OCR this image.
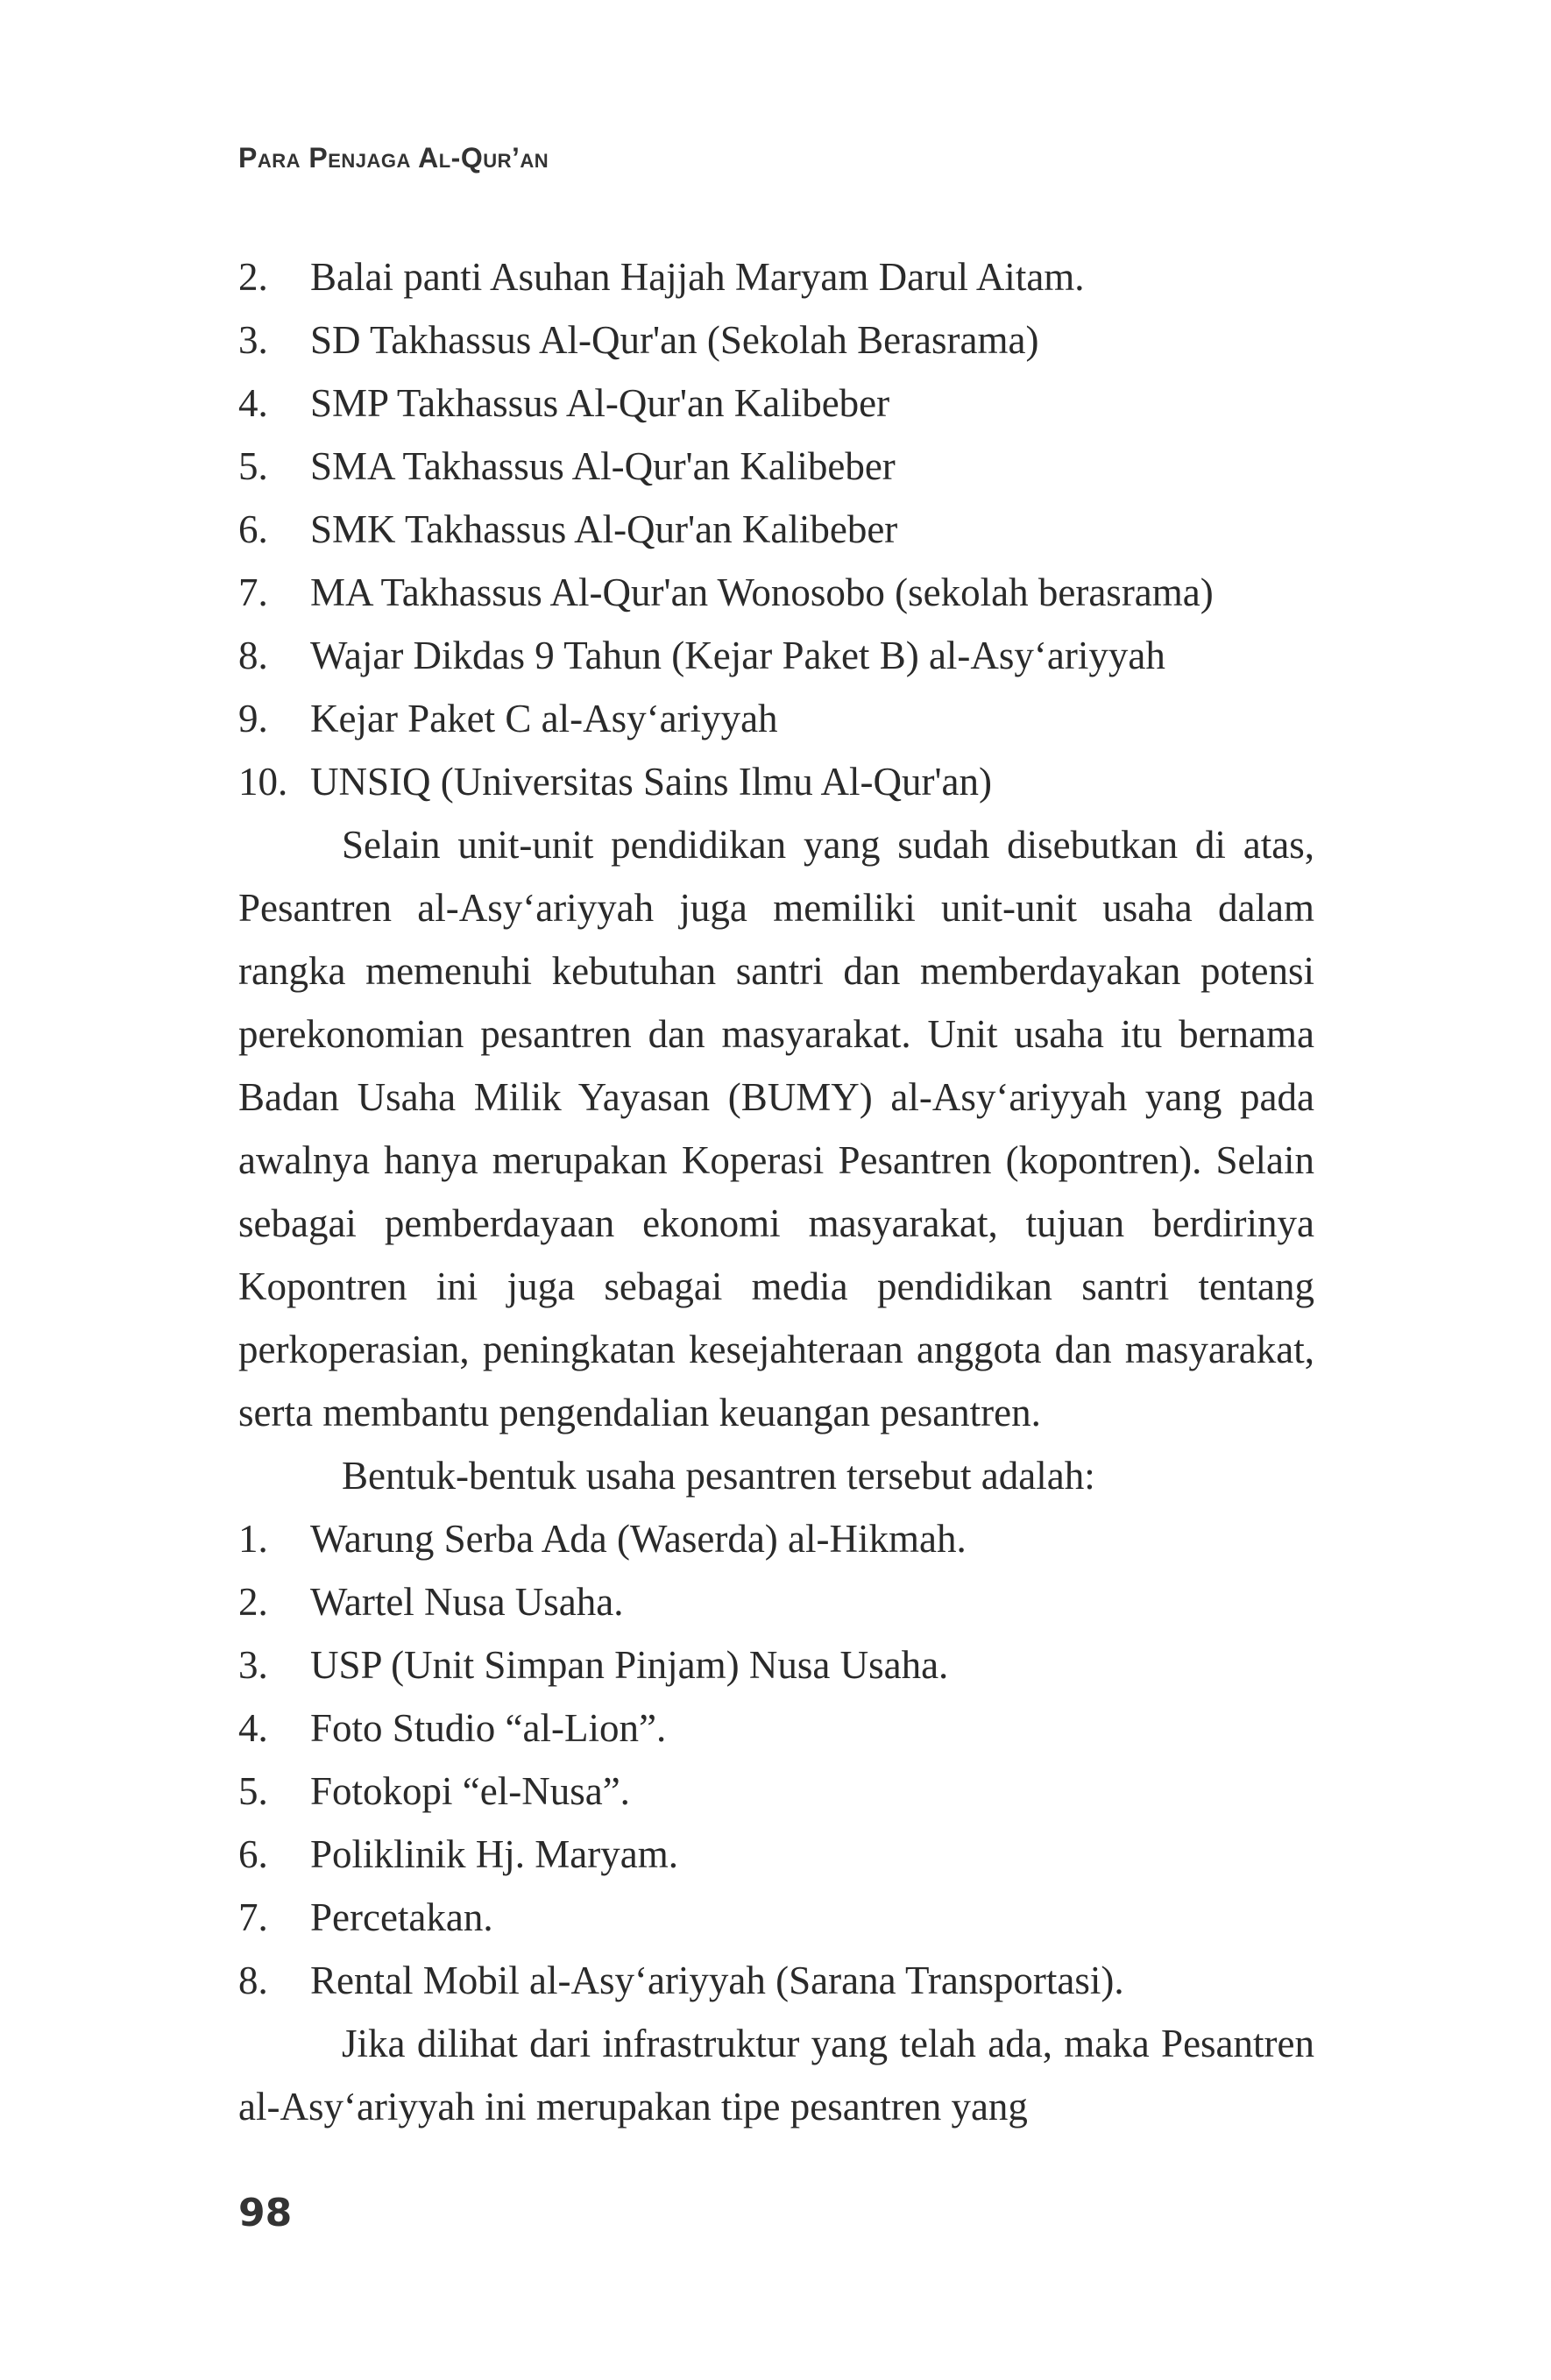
Para Penjaga Al-Qur’an
2.	Balai panti Asuhan Hajjah Maryam Darul Aitam.
3.	SD Takhassus Al-Qur'an (Sekolah Berasrama)
4.	SMP Takhassus Al-Qur'an Kalibeber
5.	SMA Takhassus Al-Qur'an Kalibeber
6.	SMK Takhassus Al-Qur'an Kalibeber
7.	MA Takhassus Al-Qur'an Wonosobo (sekolah berasrama)
8.	Wajar Dikdas 9 Tahun (Kejar Paket B) al-Asy‘ariyyah
9.	Kejar Paket C al-Asy‘ariyyah
10. UNSIQ (Universitas Sains Ilmu Al-Qur'an)

Selain unit-unit pendidikan yang sudah disebutkan di atas, Pesantren al-Asy‘ariyyah juga memiliki unit-unit usaha dalam rangka memenuhi kebutuhan santri dan memberdayakan potensi perekonomian pesantren dan masyarakat. Unit usaha itu bernama Badan Usaha Milik Yayasan (BUMY) al-​Asy‘ariyyah yang pada awalnya hanya merupakan Koperasi Pesantren (kopontren). Selain sebagai pemberdayaan ekonomi masyarakat, tujuan berdirinya Kopontren ini juga sebagai media pendidikan santri tentang perkoperasian, peningkatan kesejahteraan anggota dan masyarakat, serta membantu pengendalian keuangan pesantren.

Bentuk-bentuk usaha pesantren tersebut adalah:

1.	Warung Serba Ada (Waserda) al-Hikmah.
2.	Wartel Nusa Usaha.
3.	USP (Unit Simpan Pinjam) Nusa Usaha.
4.	Foto Studio “al-Lion”.
5.	Fotokopi “el-Nusa”.
6.	Poliklinik Hj. Maryam.
7.	Percetakan.
8.	Rental Mobil al-Asy‘ariyyah (Sarana Transportasi).

Jika dilihat dari infrastruktur yang telah ada, maka Pesantren al-Asy‘ariyyah ini merupakan tipe pesantren yang

98
